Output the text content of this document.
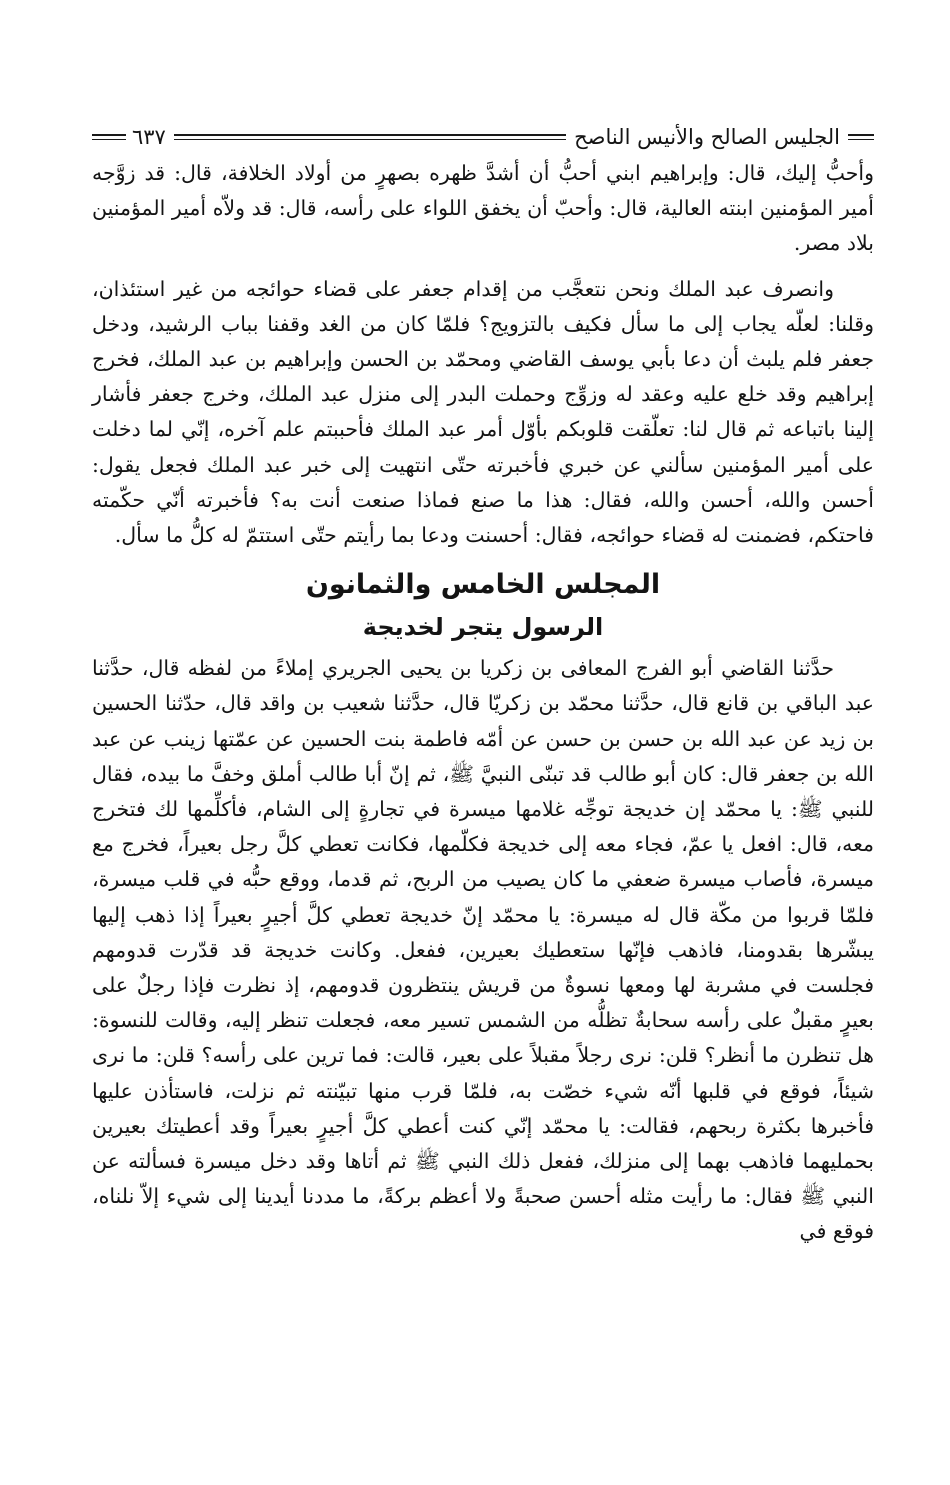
الجليس الصالح والأنيس الناصح
٦٣٧

وأحبُّ إليك، قال: وإبراهيم ابني أحبُّ أن أشدَّ ظهره بصهرٍ من أولاد الخلافة، قال: قد زوَّجه أمير المؤمنين ابنته العالية، قال: وأحبّ أن يخفق اللواء على رأسه، قال: قد ولاّه أمير المؤمنين بلاد مصر.

وانصرف عبد الملك ونحن نتعجَّب من إقدام جعفر على قضاء حوائجه من غير استئذان، وقلنا: لعلّه يجاب إلى ما سأل فكيف بالتزويج؟ فلمّا كان من الغد وقفنا بباب الرشيد، ودخل جعفر فلم يلبث أن دعا بأبي يوسف القاضي ومحمّد بن الحسن وإبراهيم بن عبد الملك، فخرج إبراهيم وقد خلع عليه وعقد له وزوِّج وحملت البدر إلى منزل عبد الملك، وخرج جعفر فأشار إلينا باتباعه ثم قال لنا: تعلّقت قلوبكم بأوّل أمر عبد الملك فأحببتم علم آخره، إنّي لما دخلت على أمير المؤمنين سألني عن خبري فأخبرته حتّى انتهيت إلى خبر عبد الملك فجعل يقول: أحسن والله، أحسن والله، فقال: هذا ما صنع فماذا صنعت أنت به؟ فأخبرته أنّي حكّمته فاحتكم، فضمنت له قضاء حوائجه، فقال: أحسنت ودعا بما رأيتم حتّى استتمّ له كلُّ ما سأل.

المجلس الخامس والثمانون
الرسول يتجر لخديجة

حدَّثنا القاضي أبو الفرج المعافى بن زكريا بن يحيى الجريري إملاءً من لفظه قال، حدَّثنا عبد الباقي بن قانع قال، حدَّثنا محمّد بن زكريّا قال، حدَّثنا شعيب بن واقد قال، حدّثنا الحسين بن زيد عن عبد الله بن حسن بن حسن عن أمّه فاطمة بنت الحسين عن عمّتها زينب عن عبد الله بن جعفر قال: كان أبو طالب قد تبنّى النبيَّ ﷺ، ثم إنّ أبا طالب أملق وخفَّ ما بيده، فقال للنبي ﷺ: يا محمّد إن خديجة توجِّه غلامها ميسرة في تجارةٍ إلى الشام، فأكلِّمها لك فتخرج معه، قال: افعل يا عمّ، فجاء معه إلى خديجة فكلّمها، فكانت تعطي كلَّ رجل بعيراً، فخرج مع ميسرة، فأصاب ميسرة ضعفي ما كان يصيب من الربح، ثم قدما، ووقع حبُّه في قلب ميسرة، فلمّا قربوا من مكّة قال له ميسرة: يا محمّد إنّ خديجة تعطي كلَّ أجيرٍ بعيراً إذا ذهب إليها يبشّرها بقدومنا، فاذهب فإنّها ستعطيك بعيرين، ففعل. وكانت خديجة قد قدّرت قدومهم فجلست في مشربة لها ومعها نسوةٌ من قريش ينتظرون قدومهم، إذ نظرت فإذا رجلٌ على بعيرٍ مقبلٌ على رأسه سحابةٌ تظلُّه من الشمس تسير معه، فجعلت تنظر إليه، وقالت للنسوة: هل تنظرن ما أنظر؟ قلن: نرى رجلاً مقبلاً على بعير، قالت: فما ترين على رأسه؟ قلن: ما نرى شيئاً، فوقع في قلبها أنّه شيء خصّت به، فلمّا قرب منها تبيّنته ثم نزلت، فاستأذن عليها فأخبرها بكثرة ربحهم، فقالت: يا محمّد إنّي كنت أعطي كلَّ أجيرٍ بعيراً وقد أعطيتك بعيرين بحمليهما فاذهب بهما إلى منزلك، ففعل ذلك النبي ﷺ ثم أتاها وقد دخل ميسرة فسألته عن النبي ﷺ فقال: ما رأيت مثله أحسن صحبةً ولا أعظم بركةً، ما مددنا أيدينا إلى شيء إلاّ نلناه، فوقع في
